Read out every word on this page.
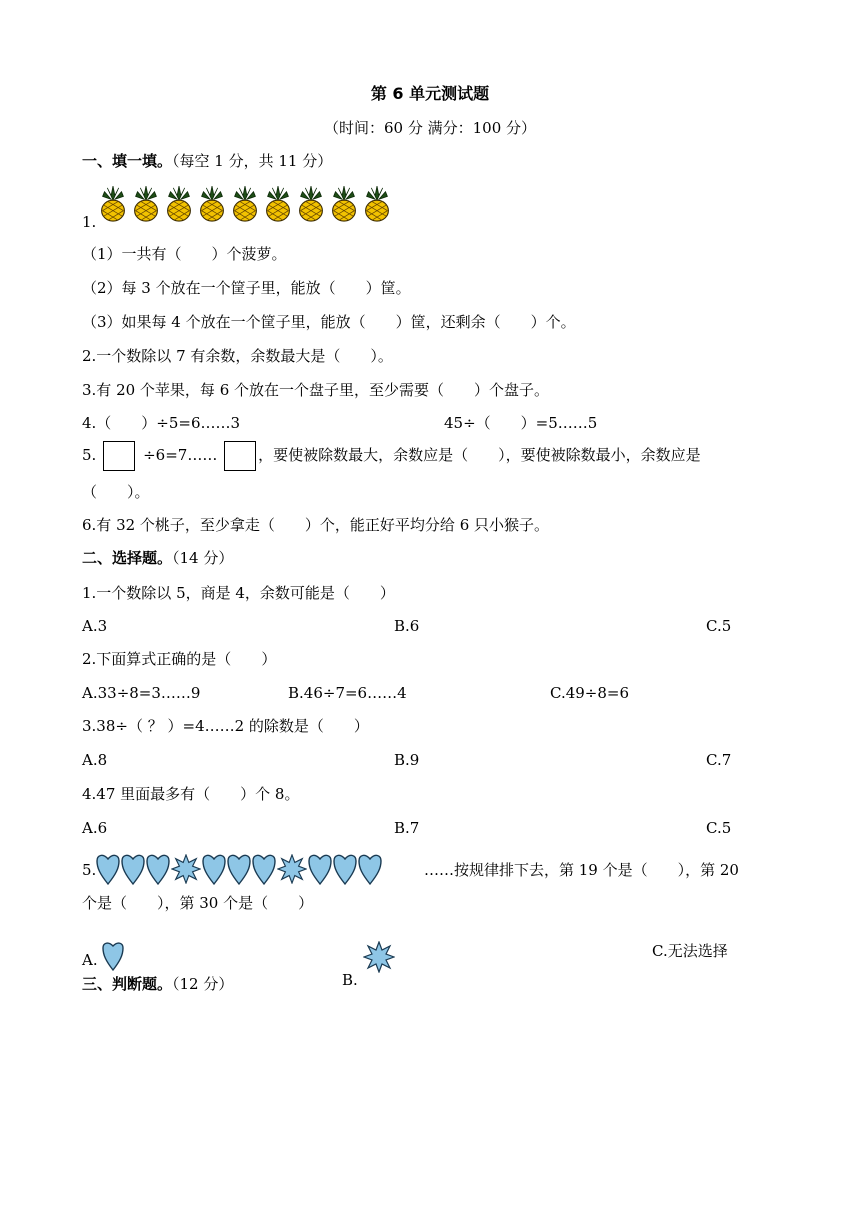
第 6 单元测试题
（时间：60 分 满分：100 分）
一、填一填。（每空 1 分，共 11 分）
1.
（1）一共有（　　）个菠萝。
（2）每 3 个放在一个筐子里，能放（　　）筐。
（3）如果每 4 个放在一个筐子里，能放（　　）筐，还剩余（　　）个。
2.一个数除以 7 有余数，余数最大是（　　）。
3.有 20 个苹果，每 6 个放在一个盘子里，至少需要（　　）个盘子。
4.（　　）÷5=6……3	45÷（　　）=5……5
5.	÷6=7……	，要使被除数最大，余数应是（　　），要使被除数最小，余数应是
（　　）。
6.有 32 个桃子，至少拿走（　　）个，能正好平均分给 6 只小猴子。
二、选择题。（14 分）
1.一个数除以 5，商是 4，余数可能是（　　）
A.3	B.6	C.5
2.下面算式正确的是（　　）
A.33÷8=3……9	B.46÷7=6……4	C.49÷8=6
3.38÷（ ？ ）=4……2 的除数是（　　）
A.8	B.9	C.7
4.47 里面最多有（　　）个 8。
A.6	B.7	C.5
5.	……按规律排下去，第 19 个是（　　），第 20
个是（　　），第 30 个是（　　）
A.
B.
C.无法选择
三、判断题。（12 分）
